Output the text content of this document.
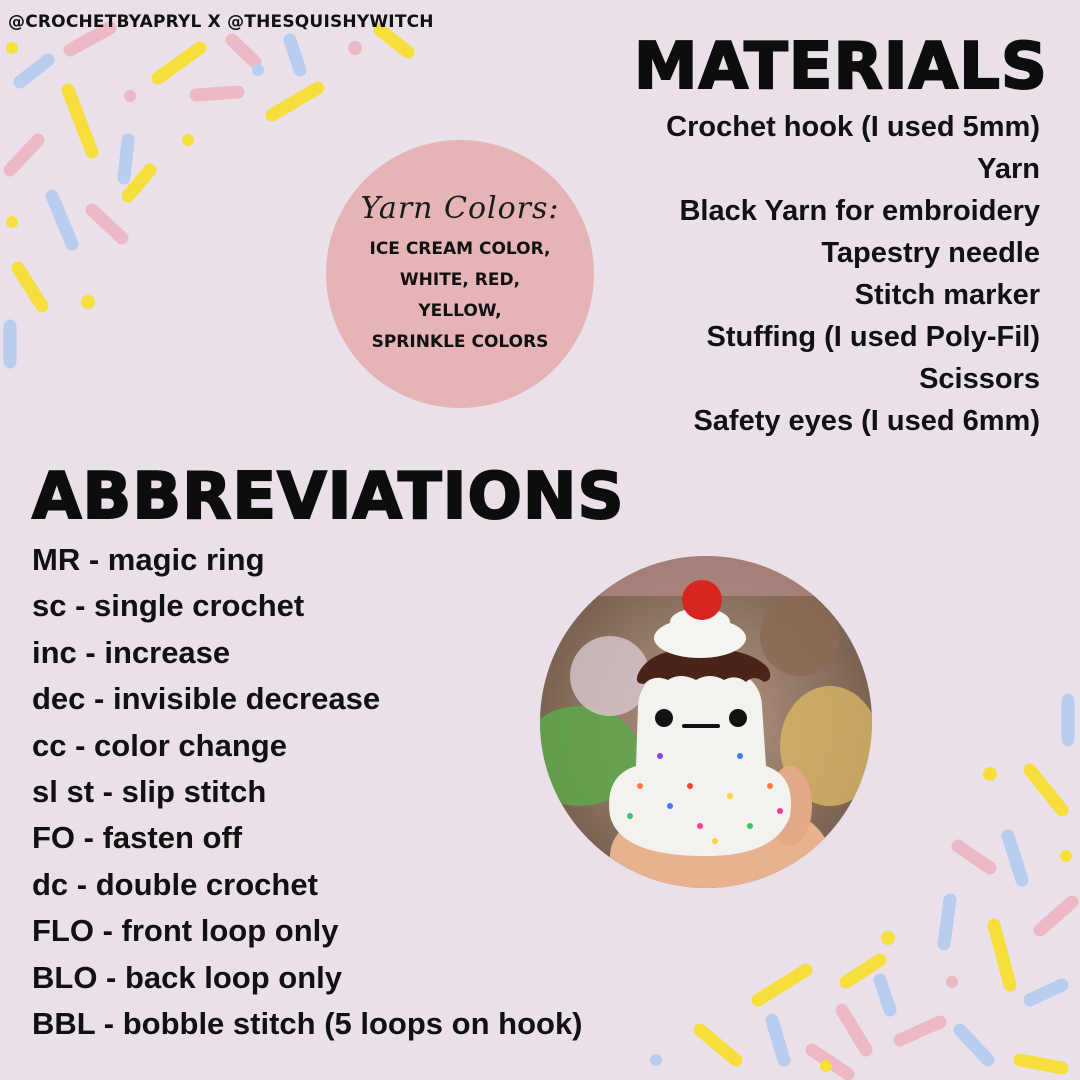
@CROCHETBYAPRYL X @THESQUISHYWITCH
MATERIALS
Crochet hook (I used 5mm)
Yarn
Black Yarn for embroidery
Tapestry needle
Stitch marker
Stuffing (I used Poly-Fil)
Scissors
Safety eyes (I used 6mm)
Yarn Colors:
ICE CREAM COLOR,
WHITE, RED,
YELLOW,
SPRINKLE COLORS
ABBREVIATIONS
MR - magic ring
sc - single crochet
inc - increase
dec - invisible decrease
cc - color change
sl st - slip stitch
FO - fasten off
dc - double crochet
FLO - front loop only
BLO - back loop only
BBL - bobble stitch (5 loops on hook)
